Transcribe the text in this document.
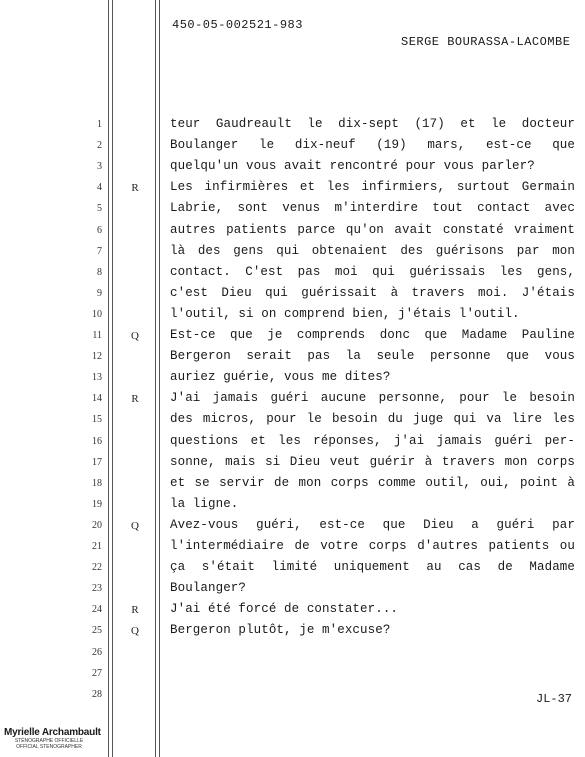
450-05-002521-983
SERGE BOURASSA-LACOMBE
1	teur Gaudreault le dix-sept (17) et le docteur
2	Boulanger le dix-neuf (19) mars, est-ce que
3	quelqu'un vous avait rencontré pour vous parler?
4	R	Les infirmières et les infirmiers, surtout Germain
5	Labrie, sont venus m'interdire tout contact avec
6	autres patients parce qu'on avait constaté vraiment
7	là des gens qui obtenaient des guérisons par mon
8	contact. C'est pas moi qui guérissais les gens,
9	c'est Dieu qui guérissait à travers moi. J'étais
10	l'outil, si on comprend bien, j'étais l'outil.
11	Q Est-ce que je comprends donc que Madame Pauline
12	Bergeron serait pas la seule personne que vous
13	auriez guérie, vous me dites?
14	R	J'ai jamais guéri aucune personne, pour le besoin
15	des micros, pour le besoin du juge qui va lire les
16	questions et les réponses, j'ai jamais guéri per-
17	sonne, mais si Dieu veut guérir à travers mon corps
18	et se servir de mon corps comme outil, oui, point à
19	la ligne.
20	Q Avez-vous guéri, est-ce que Dieu a guéri par
21	l'intermédiaire de votre corps d'autres patients ou
22	ça s'était limité uniquement au cas de Madame
23	Boulanger?
24	R	J'ai été forcé de constater...
25	Q Bergeron plutôt, je m'excuse?
26
27
28	JL-37
Myrielle Archambault
STÉNOGRAPHE OFFICIELLE
OFFICIAL STENOGRAPHER
